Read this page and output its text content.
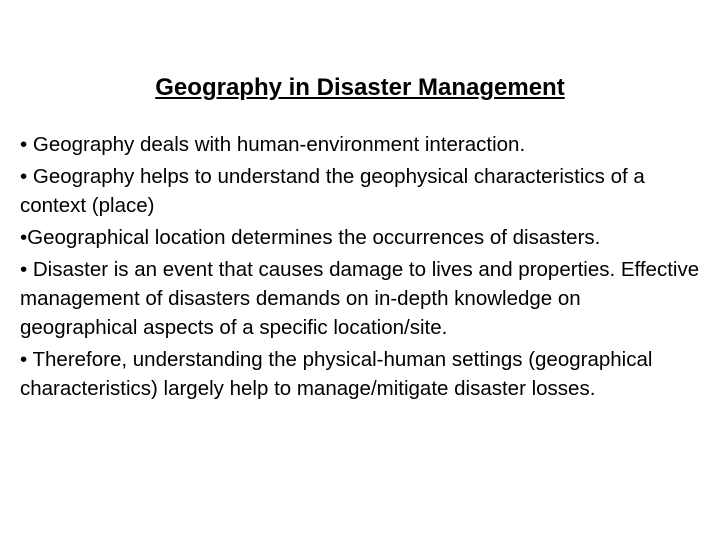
Geography in Disaster Management
• Geography deals with human-environment interaction.
• Geography helps to understand the geophysical characteristics of a context (place)
•Geographical location determines the occurrences of disasters.
• Disaster is an event that causes damage to lives and properties. Effective management of disasters demands on in-depth knowledge on geographical aspects of a specific location/site.
• Therefore, understanding the physical-human settings (geographical characteristics) largely help to manage/mitigate disaster losses.
